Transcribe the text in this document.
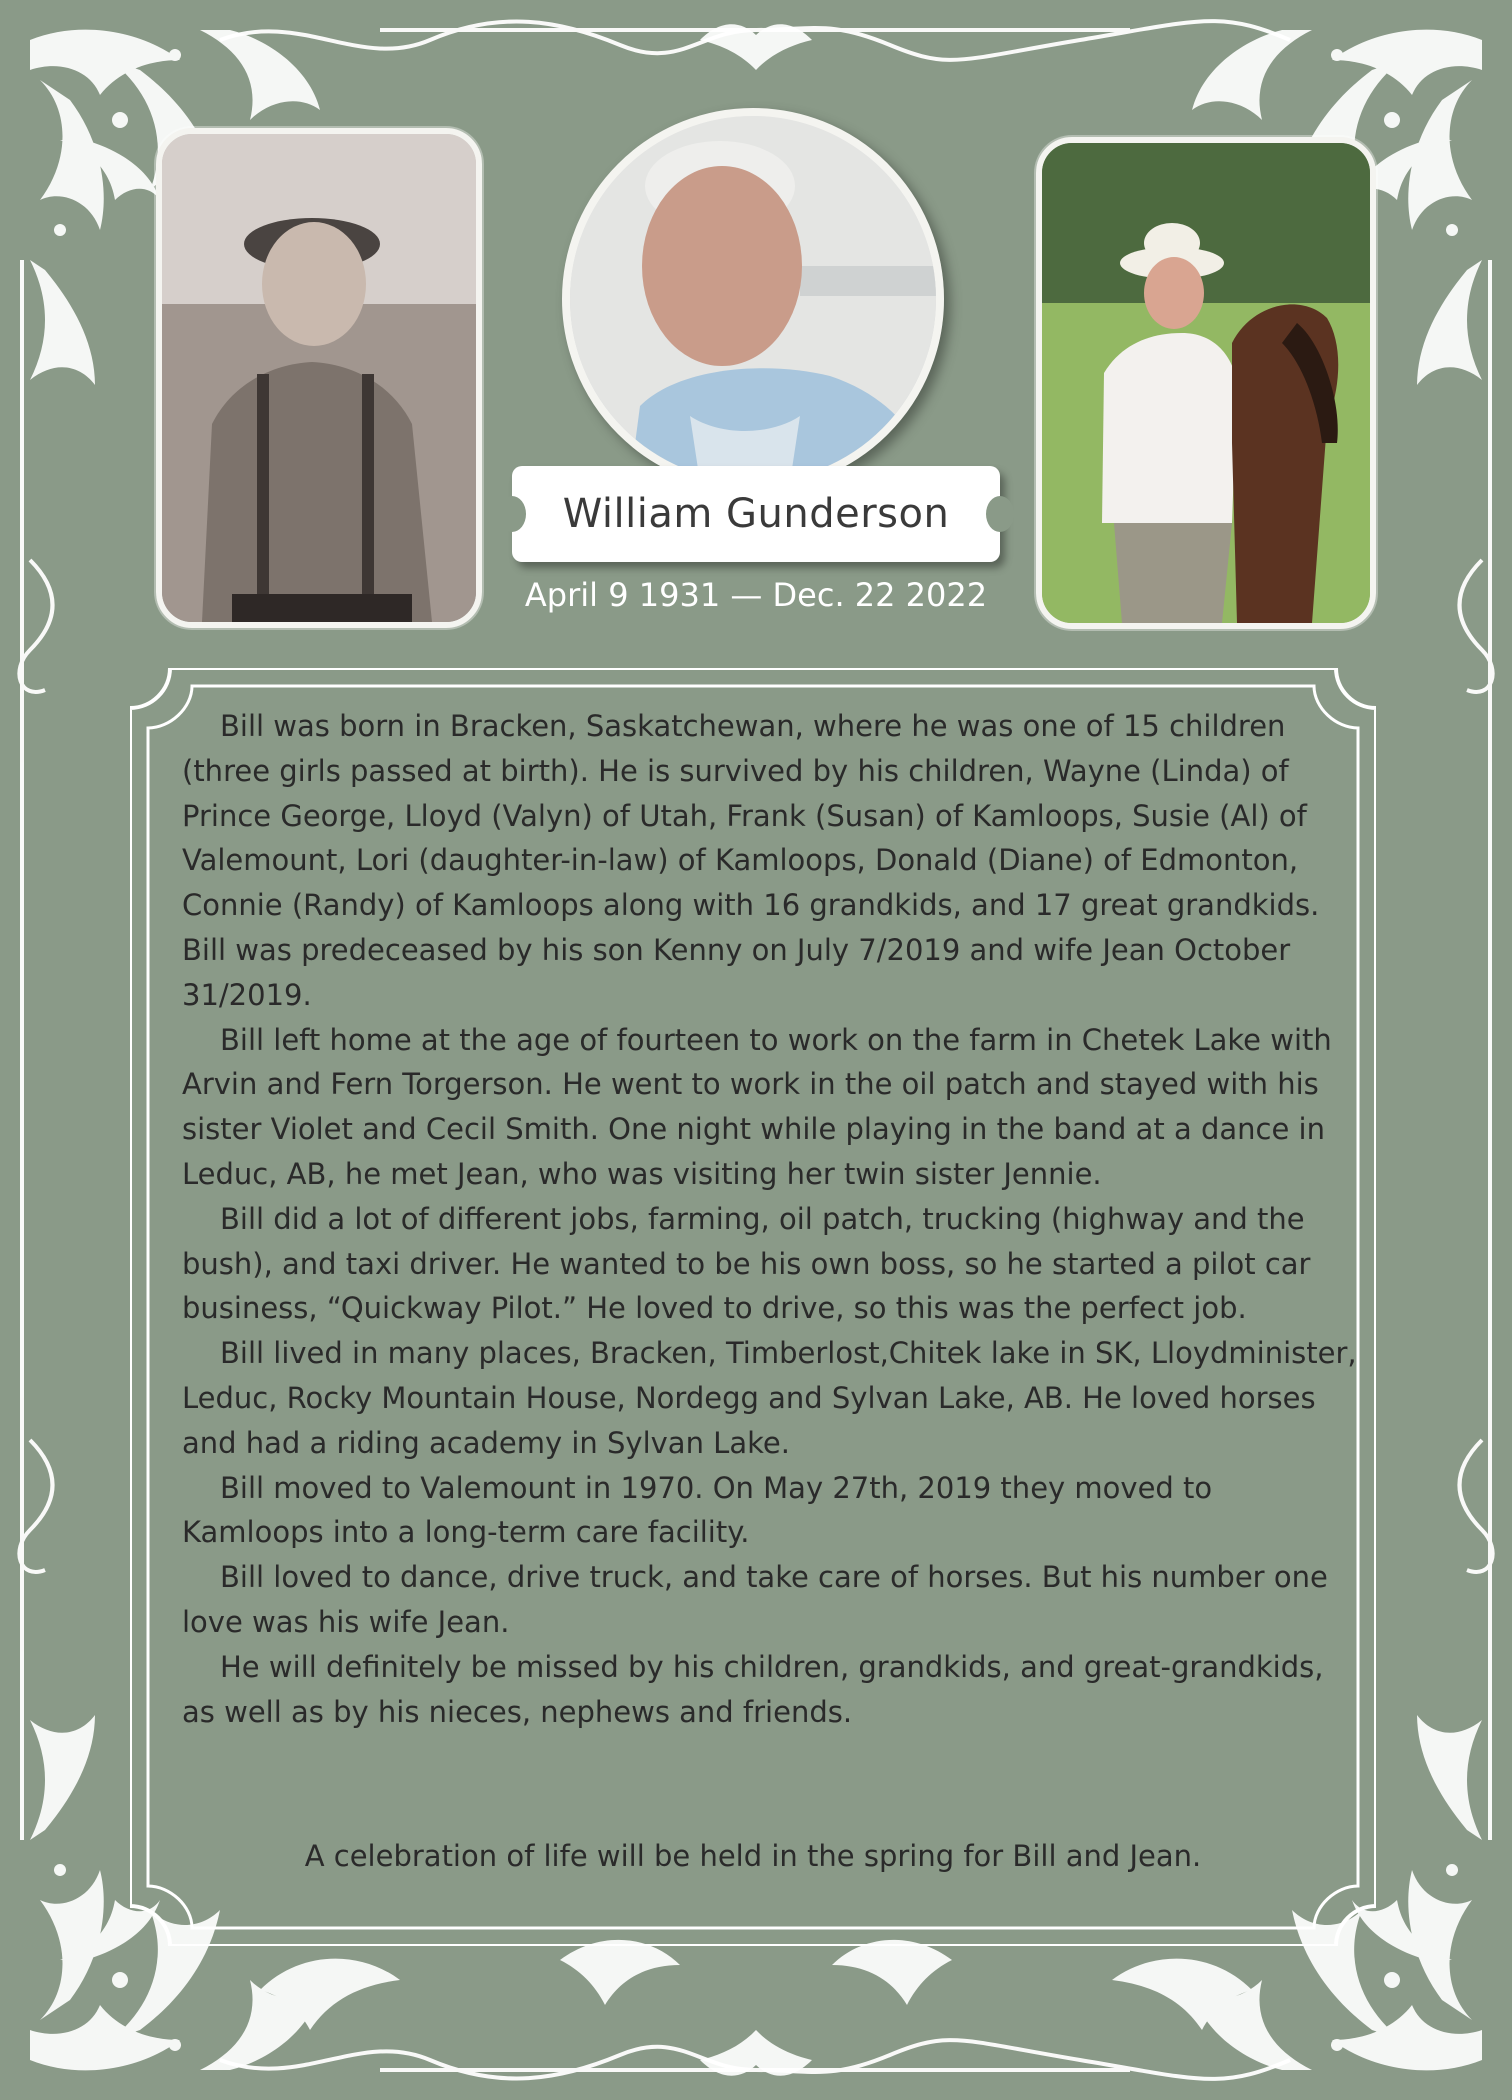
William Gunderson
April 9 1931 — Dec. 22 2022

Bill was born in Bracken, Saskatchewan, where he was one of 15 children (three girls passed at birth). He is survived by his children, Wayne (Linda) of Prince George, Lloyd (Valyn) of Utah, Frank (Susan) of Kamloops, Susie (Al) of Valemount, Lori (daughter-in-law) of Kamloops, Donald (Diane) of Edmonton, Connie (Randy) of Kamloops along with 16 grandkids, and 17 great grandkids. Bill was predeceased by his son Kenny on July 7/2019 and wife Jean October 31/2019.

Bill left home at the age of fourteen to work on the farm in Chetek Lake with Arvin and Fern Torgerson. He went to work in the oil patch and stayed with his sister Violet and Cecil Smith. One night while playing in the band at a dance in Leduc, AB, he met Jean, who was visiting her twin sister Jennie.

Bill did a lot of different jobs, farming, oil patch, trucking (highway and the bush), and taxi driver. He wanted to be his own boss, so he started a pilot car business, “Quickway Pilot.” He loved to drive, so this was the perfect job.

Bill lived in many places, Bracken, Timberlost,Chitek lake in SK, Lloydminister, Leduc, Rocky Mountain House, Nordegg and Sylvan Lake, AB. He loved horses and had a riding academy in Sylvan Lake.

Bill moved to Valemount in 1970. On May 27th, 2019 they moved to Kamloops into a long-term care facility.

Bill loved to dance, drive truck, and take care of horses. But his number one love was his wife Jean.

He will definitely be missed by his children, grandkids, and great-grandkids, as well as by his nieces, nephews and friends.

A celebration of life will be held in the spring for Bill and Jean.
